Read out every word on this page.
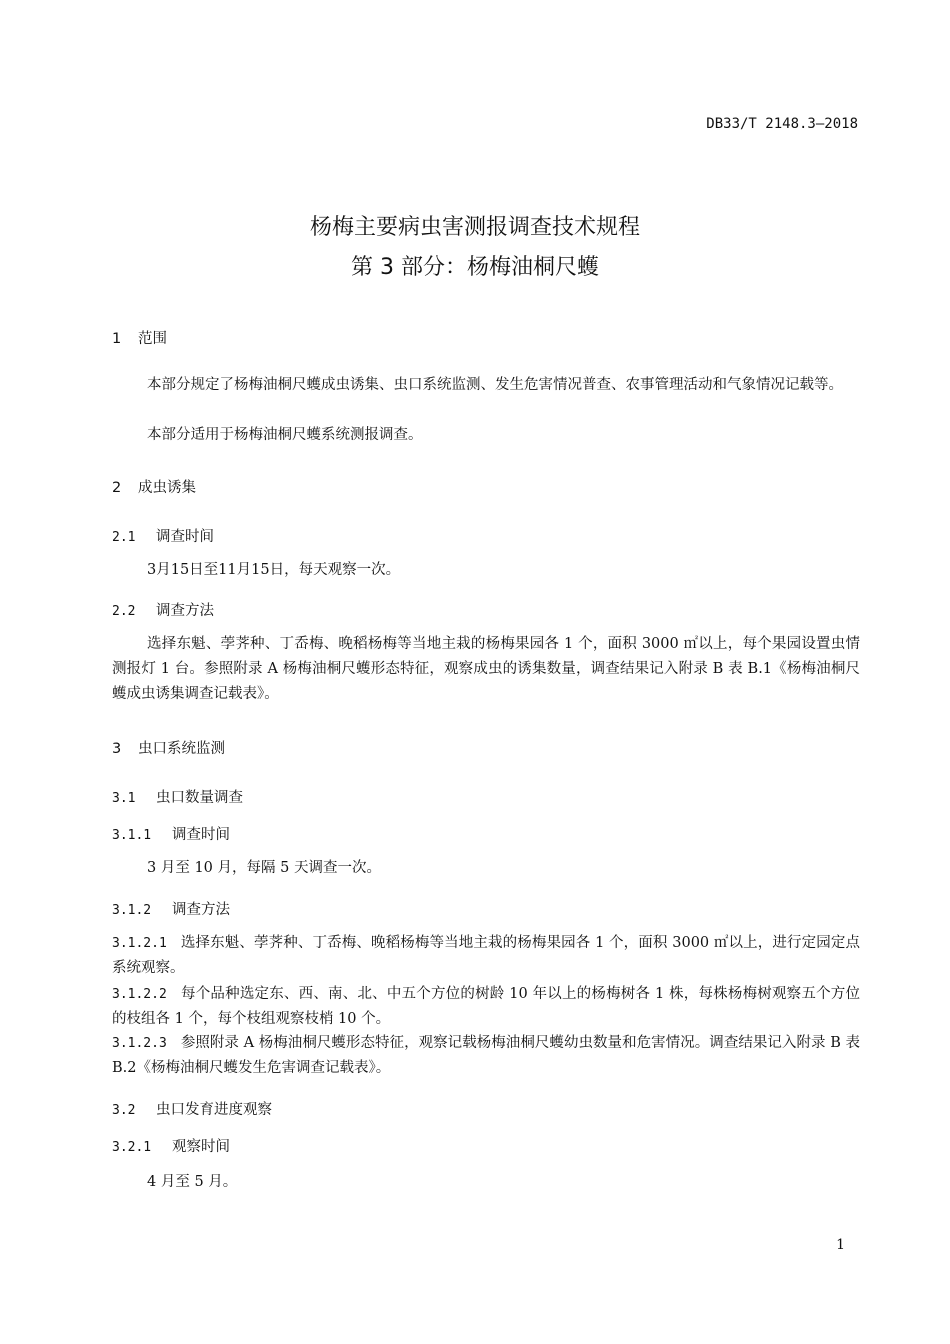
DB33/T 2148.3—2018
杨梅主要病虫害测报调查技术规程
第 3 部分：杨梅油桐尺蠖
1 范围
本部分规定了杨梅油桐尺蠖成虫诱集、虫口系统监测、发生危害情况普查、农事管理活动和气象情况记载等。
本部分适用于杨梅油桐尺蠖系统测报调查。
2 成虫诱集
2.1 调查时间
3月15日至11月15日，每天观察一次。
2.2 调查方法
选择东魁、荸荠种、丁岙梅、晚稻杨梅等当地主栽的杨梅果园各 1 个，面积 3000 ㎡以上，每个果园设置虫情测报灯 1 台。参照附录 A 杨梅油桐尺蠖形态特征，观察成虫的诱集数量，调查结果记入附录 B 表 B.1《杨梅油桐尺蠖成虫诱集调查记载表》。
3 虫口系统监测
3.1 虫口数量调查
3.1.1 调查时间
3 月至 10 月，每隔 5 天调查一次。
3.1.2 调查方法
3.1.2.1 选择东魁、荸荠种、丁岙梅、晚稻杨梅等当地主栽的杨梅果园各 1 个，面积 3000 ㎡以上，进行定园定点系统观察。
3.1.2.2 每个品种选定东、西、南、北、中五个方位的树龄 10 年以上的杨梅树各 1 株，每株杨梅树观察五个方位的枝组各 1 个，每个枝组观察枝梢 10 个。
3.1.2.3 参照附录 A 杨梅油桐尺蠖形态特征，观察记载杨梅油桐尺蠖幼虫数量和危害情况。调查结果记入附录 B 表 B.2《杨梅油桐尺蠖发生危害调查记载表》。
3.2 虫口发育进度观察
3.2.1 观察时间
4 月至 5 月。
1
